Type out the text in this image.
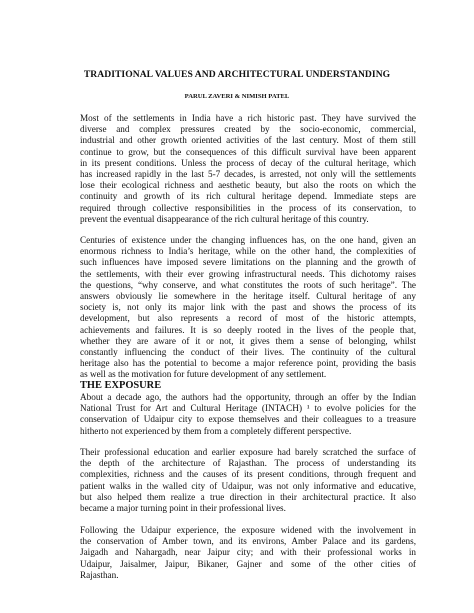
TRADITIONAL VALUES AND ARCHITECTURAL UNDERSTANDING
PARUL ZAVERI & NIMISH PATEL
Most of the settlements in India have a rich historic past. They have survived the
diverse and complex pressures created by the socio-economic, commercial,
industrial and other growth oriented activities of the last century. Most of them still
continue to grow, but the consequences of this difficult survival have been apparent
in its present conditions. Unless the process of decay of the cultural heritage, which
has increased rapidly in the last 5-7 decades, is arrested, not only will the settlements
lose their ecological richness and aesthetic beauty, but also the roots on which the
continuity and growth of its rich cultural heritage depend. Immediate steps are
required through collective responsibilities in the process of its conservation, to
prevent the eventual disappearance of the rich cultural heritage of this country.
Centuries of existence under the changing influences has, on the one hand, given an
enormous richness to India’s heritage, while on the other hand, the complexities of
such influences have imposed severe limitations on the planning and the growth of
the settlements, with their ever growing infrastructural needs. This dichotomy raises
the questions, “why conserve, and what constitutes the roots of such heritage”. The
answers obviously lie somewhere in the heritage itself. Cultural heritage of any
society is, not only its major link with the past and shows the process of its
development, but also represents a record of most of the historic attempts,
achievements and failures. It is so deeply rooted in the lives of the people that,
whether they are aware of it or not, it gives them a sense of belonging, whilst
constantly influencing the conduct of their lives. The continuity of the cultural
heritage also has the potential to become a major reference point, providing the basis
as well as the motivation for future development of any settlement.
THE EXPOSURE
About a decade ago, the authors had the opportunity, through an offer by the Indian
National Trust for Art and Cultural Heritage (INTACH) ¹ to evolve policies for the
conservation of Udaipur city to expose themselves and their colleagues to a treasure
hitherto not experienced by them from a completely different perspective.
Their professional education and earlier exposure had barely scratched the surface of
the depth of the architecture of Rajasthan. The process of understanding its
complexities, richness and the causes of its present conditions, through frequent and
patient walks in the walled city of Udaipur, was not only informative and educative,
but also helped them realize a true direction in their architectural practice. It also
became a major turning point in their professional lives.
Following the Udaipur experience, the exposure widened with the involvement in
the conservation of Amber town, and its environs, Amber Palace and its gardens,
Jaigadh and Nahargadh, near Jaipur city; and with their professional works in
Udaipur, Jaisalmer, Jaipur, Bikaner, Gajner and some of the other cities of
Rajasthan.
